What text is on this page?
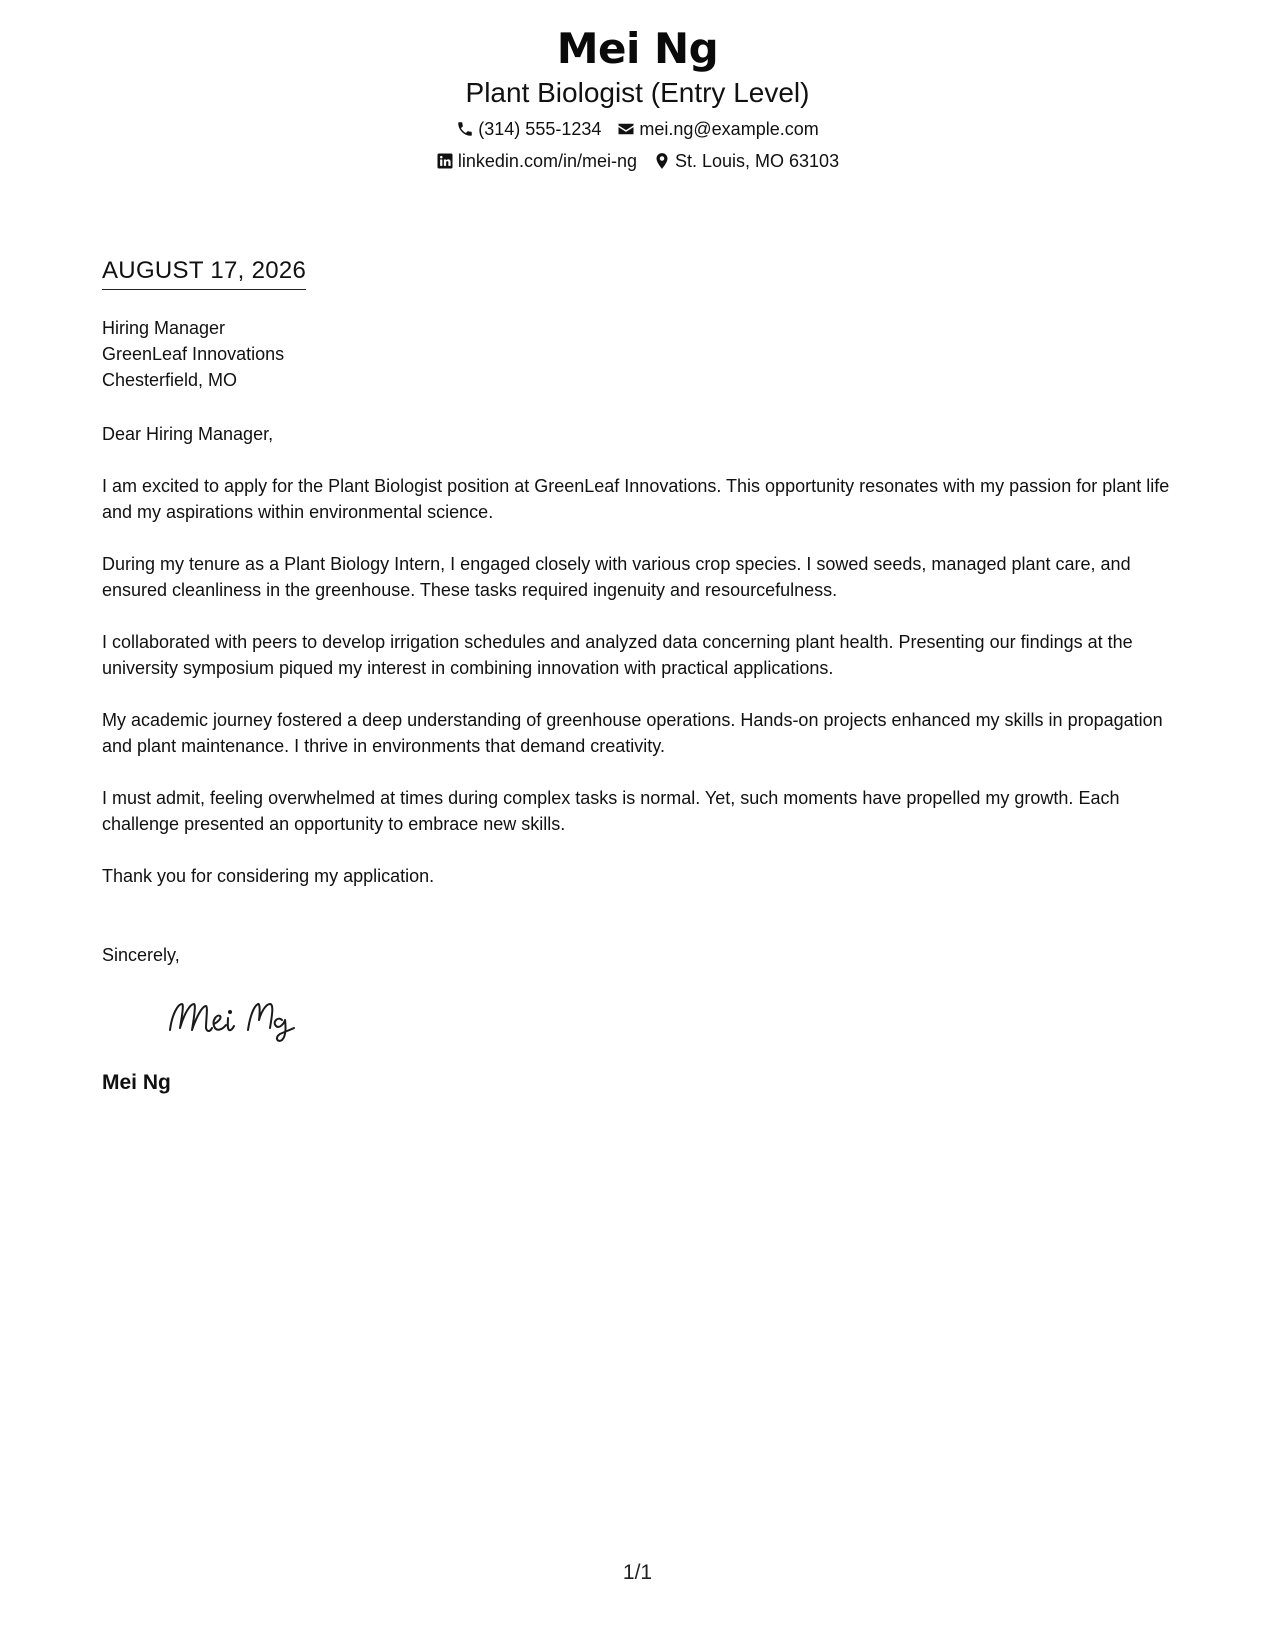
Mei Ng
Plant Biologist (Entry Level)
(314) 555-1234 mei.ng@example.com
linkedin.com/in/mei-ng St. Louis, MO 63103
AUGUST 17, 2026
Hiring Manager
GreenLeaf Innovations
Chesterfield, MO
Dear Hiring Manager,
I am excited to apply for the Plant Biologist position at GreenLeaf Innovations. This opportunity resonates with my passion for plant life and my aspirations within environmental science.
During my tenure as a Plant Biology Intern, I engaged closely with various crop species. I sowed seeds, managed plant care, and ensured cleanliness in the greenhouse. These tasks required ingenuity and resourcefulness.
I collaborated with peers to develop irrigation schedules and analyzed data concerning plant health. Presenting our findings at the university symposium piqued my interest in combining innovation with practical applications.
My academic journey fostered a deep understanding of greenhouse operations. Hands-on projects enhanced my skills in propagation and plant maintenance. I thrive in environments that demand creativity.
I must admit, feeling overwhelmed at times during complex tasks is normal. Yet, such moments have propelled my growth. Each challenge presented an opportunity to embrace new skills.
Thank you for considering my application.
Sincerely,
Mei Ng
1/1
